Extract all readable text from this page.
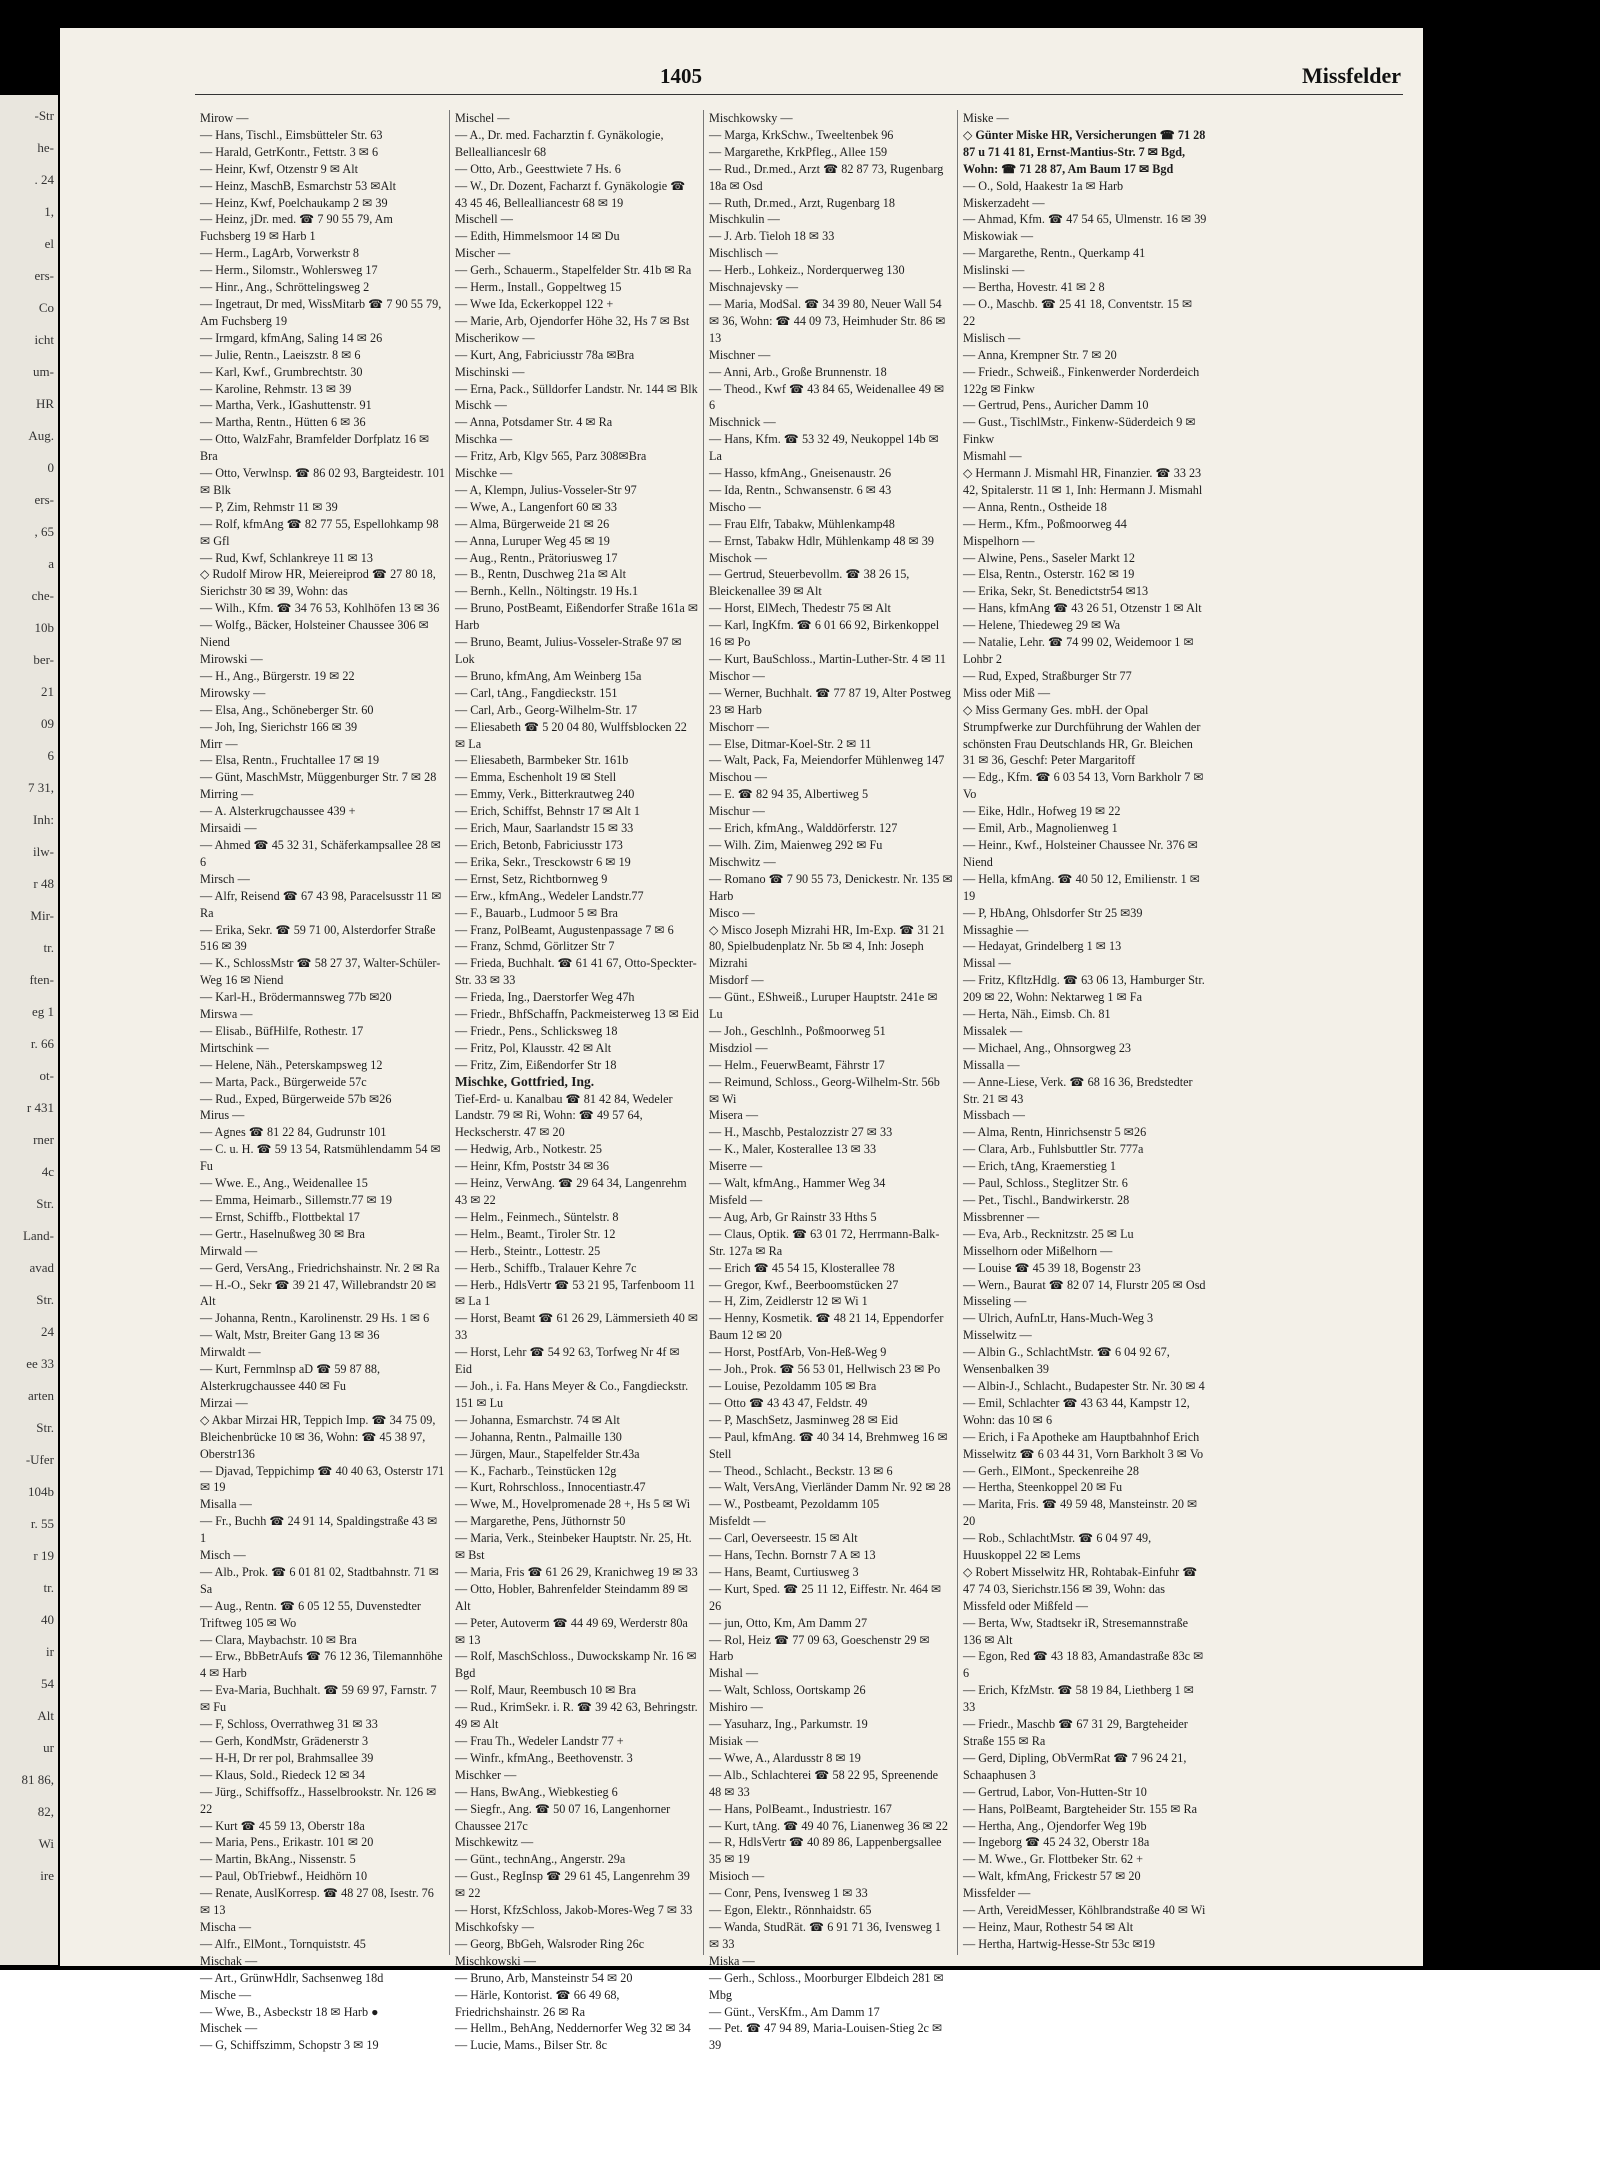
-Str
he-
. 24
1,
el
ers-
Co
icht
um-
HR
Aug.
0
ers-
, 65
a
che-
10b
ber-
21
09
6
7 31,
Inh:
ilw-
r 48
Mir-
tr.
ften-
eg 1
r. 66
ot-
r 431
rner
4c
Str.
Land-
avad
Str.
24
ee 33
arten
Str.
-Ufer
104b
r. 55
r 19
tr.
40
ir
54
Alt
ur
81 86,
82,
Wi
ire
1405	Missfelder

Mirow —

— Hans, Tischl., Eimsbütteler Str. 63

— Harald, GetrKontr., Fettstr. 3 ✉ 6

— Heinr, Kwf, Otzenstr 9 ✉ Alt

— Heinz, MaschB, Esmarchstr 53 ✉Alt

— Heinz, Kwf, Poelchaukamp 2 ✉ 39

— Heinz, jDr. med. ☎ 7 90 55 79, Am Fuchsberg 19 ✉ Harb 1

— Herm., LagArb, Vorwerkstr 8

— Herm., Silomstr., Wohlersweg 17

— Hinr., Ang., Schröttelingsweg 2

— Ingetraut, Dr med, WissMitarb ☎ 7 90 55 79, Am Fuchsberg 19

— Irmgard, kfmAng, Saling 14 ✉ 26

— Julie, Rentn., Laeiszstr. 8 ✉ 6

— Karl, Kwf., Grumbrechtstr. 30

— Karoline, Rehmstr. 13 ✉ 39

— Martha, Verk., IGashuttenstr. 91

— Martha, Rentn., Hütten 6 ✉ 36

— Otto, WalzFahr, Bramfelder Dorfplatz 16 ✉ Bra

— Otto, Verwlnsp. ☎ 86 02 93, Bargteidestr. 101 ✉ Blk

— P, Zim, Rehmstr 11 ✉ 39

— Rolf, kfmAng ☎ 82 77 55, Espellohkamp 98 ✉ Gfl

— Rud, Kwf, Schlankreye 11 ✉ 13

◇ Rudolf Mirow HR, Meiereiprod ☎ 27 80 18, Sierichstr 30 ✉ 39, Wohn: das

— Wilh., Kfm. ☎ 34 76 53, Kohlhöfen 13 ✉ 36

— Wolfg., Bäcker, Holsteiner Chaussee 306 ✉ Niend

Mirowski —

— H., Ang., Bürgerstr. 19 ✉ 22

Mirowsky —

— Elsa, Ang., Schöneberger Str. 60

— Joh, Ing, Sierichstr 166 ✉ 39

Mirr —

— Elsa, Rentn., Fruchtallee 17 ✉ 19

— Günt, MaschMstr, Müggenburger Str. 7 ✉ 28

Mirring —

— A. Alsterkrugchaussee 439 +

Mirsaidi —

— Ahmed ☎ 45 32 31, Schäferkampsallee 28 ✉ 6

Mirsch —

— Alfr, Reisend ☎ 67 43 98, Paracelsusstr 11 ✉ Ra

— Erika, Sekr. ☎ 59 71 00, Alsterdorfer Straße 516 ✉ 39

— K., SchlossMstr ☎ 58 27 37, Walter-Schüler-Weg 16 ✉ Niend

— Karl-H., Brödermannsweg 77b ✉20

Mirswa —

— Elisab., BüfHilfe, Rothestr. 17

Mirtschink —

— Helene, Näh., Peterskampsweg 12

— Marta, Pack., Bürgerweide 57c

— Rud., Exped, Bürgerweide 57b ✉26

Mirus —

— Agnes ☎ 81 22 84, Gudrunstr 101

— C. u. H. ☎ 59 13 54, Ratsmühlendamm 54 ✉ Fu

— Wwe. E., Ang., Weidenallee 15

— Emma, Heimarb., Sillemstr.77 ✉ 19

— Ernst, Schiffb., Flottbektal 17

— Gertr., Haselnußweg 30 ✉ Bra

Mirwald —

— Gerd, VersAng., Friedrichshainstr. Nr. 2 ✉ Ra

— H.-O., Sekr ☎ 39 21 47, Willebrandstr 20 ✉ Alt

— Johanna, Rentn., Karolinenstr. 29 Hs. 1 ✉ 6

— Walt, Mstr, Breiter Gang 13 ✉ 36

Mirwaldt —

— Kurt, Fernmlnsp aD ☎ 59 87 88, Alsterkrugchaussee 440 ✉ Fu

Mirzai —

◇ Akbar Mirzai HR, Teppich Imp. ☎ 34 75 09, Bleichenbrücke 10 ✉ 36, Wohn: ☎ 45 38 97, Oberstr136

— Djavad, Teppichimp ☎ 40 40 63, Osterstr 171 ✉ 19

Misalla —

— Fr., Buchh ☎ 24 91 14, Spaldingstraße 43 ✉ 1

Misch —

— Alb., Prok. ☎ 6 01 81 02, Stadtbahnstr. 71 ✉ Sa

— Aug., Rentn. ☎ 6 05 12 55, Duvenstedter Triftweg 105 ✉ Wo

— Clara, Maybachstr. 10 ✉ Bra

— Erw., BbBetrAufs ☎ 76 12 36, Tilemannhöhe 4 ✉ Harb

— Eva-Maria, Buchhalt. ☎ 59 69 97, Farnstr. 7 ✉ Fu

— F, Schloss, Overrathweg 31 ✉ 33

— Gerh, KondMstr, Grädenerstr 3

— H-H, Dr rer pol, Brahmsallee 39

— Klaus, Sold., Riedeck 12 ✉ 34

— Jürg., Schiffsoffz., Hasselbrookstr. Nr. 126 ✉ 22

— Kurt ☎ 45 59 13, Oberstr 18a

— Maria, Pens., Erikastr. 101 ✉ 20

— Martin, BkAng., Nissenstr. 5

— Paul, ObTriebwf., Heidhörn 10

— Renate, AuslKorresp. ☎ 48 27 08, Isestr. 76 ✉ 13

Mischa —

— Alfr., ElMont., Tornquiststr. 45

Mischak —

— Art., GrünwHdlr, Sachsenweg 18d

Mische —

— Wwe, B., Asbeckstr 18 ✉ Harb ●

Mischek —

— G, Schiffszimm, Schopstr 3 ✉ 19

Mischel —

— A., Dr. med. Facharztin f. Gynäkologie, Belleallianceslr 68

— Otto, Arb., Geesttwiete 7 Hs. 6

— W., Dr. Dozent, Facharzt f. Gynäkologie ☎ 43 45 46, Bellealliancestr 68 ✉ 19

Mischell —

— Edith, Himmelsmoor 14 ✉ Du

Mischer —

— Gerh., Schauerm., Stapelfelder Str. 41b ✉ Ra

— Herm., Install., Goppeltweg 15

— Wwe Ida, Eckerkoppel 122 +

— Marie, Arb, Ojendorfer Höhe 32, Hs 7 ✉ Bst

Mischerikow —

— Kurt, Ang, Fabriciusstr 78a ✉Bra

Mischinski —

— Erna, Pack., Sülldorfer Landstr. Nr. 144 ✉ Blk

Mischk —

— Anna, Potsdamer Str. 4 ✉ Ra

Mischka —

— Fritz, Arb, Klgv 565, Parz 308✉Bra

Mischke —

— A, Klempn, Julius-Vosseler-Str 97

— Wwe, A., Langenfort 60 ✉ 33

— Alma, Bürgerweide 21 ✉ 26

— Anna, Luruper Weg 45 ✉ 19

— Aug., Rentn., Prätoriusweg 17

— B., Rentn, Duschweg 21a ✉ Alt

— Bernh., Kelln., Nöltingstr. 19 Hs.1

— Bruno, PostBeamt, Eißendorfer Straße 161a ✉ Harb

— Bruno, Beamt, Julius-Vosseler-Straße 97 ✉ Lok

— Bruno, kfmAng, Am Weinberg 15a

— Carl, tAng., Fangdieckstr. 151

— Carl, Arb., Georg-Wilhelm-Str. 17

— Eliesabeth ☎ 5 20 04 80, Wulffsblocken 22 ✉ La

— Eliesabeth, Barmbeker Str. 161b

— Emma, Eschenholt 19 ✉ Stell

— Emmy, Verk., Bitterkrautweg 240

— Erich, Schiffst, Behnstr 17 ✉ Alt 1

— Erich, Maur, Saarlandstr 15 ✉ 33

— Erich, Betonb, Fabriciusstr 173

— Erika, Sekr., Tresckowstr 6 ✉ 19

— Ernst, Setz, Richtbornweg 9

— Erw., kfmAng., Wedeler Landstr.77

— F., Bauarb., Ludmoor 5 ✉ Bra

— Franz, PolBeamt, Augustenpassage 7 ✉ 6

— Franz, Schmd, Görlitzer Str 7

— Frieda, Buchhalt. ☎ 61 41 67, Otto-Speckter-Str. 33 ✉ 33

— Frieda, Ing., Daerstorfer Weg 47h

— Friedr., BhfSchaffn, Packmeisterweg 13 ✉ Eid

— Friedr., Pens., Schlicksweg 18

— Fritz, Pol, Klausstr. 42 ✉ Alt

— Fritz, Zim, Eißendorfer Str 18

Mischke, Gottfried, Ing.

Tief-Erd- u. Kanalbau ☎ 81 42 84, Wedeler Landstr. 79 ✉ Ri, Wohn: ☎ 49 57 64, Heckscherstr. 47 ✉ 20

— Hedwig, Arb., Notkestr. 25

— Heinr, Kfm, Poststr 34 ✉ 36

— Heinz, VerwAng. ☎ 29 64 34, Langenrehm 43 ✉ 22

— Helm., Feinmech., Süntelstr. 8

— Helm., Beamt., Tiroler Str. 12

— Herb., Steintr., Lottestr. 25

— Herb., Schiffb., Tralauer Kehre 7c

— Herb., HdlsVertr ☎ 53 21 95, Tarfenboom 11 ✉ La 1

— Horst, Beamt ☎ 61 26 29, Lämmersieth 40 ✉ 33

— Horst, Lehr ☎ 54 92 63, Torfweg Nr 4f ✉ Eid

— Joh., i. Fa. Hans Meyer & Co., Fangdieckstr. 151 ✉ Lu

— Johanna, Esmarchstr. 74 ✉ Alt

— Johanna, Rentn., Palmaille 130

— Jürgen, Maur., Stapelfelder Str.43a

— K., Facharb., Teinstücken 12g

— Kurt, Rohrschloss., Innocentiastr.47

— Wwe, M., Hovelpromenade 28 +, Hs 5 ✉ Wi

— Margarethe, Pens, Jüthornstr 50

— Maria, Verk., Steinbeker Hauptstr. Nr. 25, Ht. ✉ Bst

— Maria, Fris ☎ 61 26 29, Kranichweg 19 ✉ 33

— Otto, Hobler, Bahrenfelder Steindamm 89 ✉ Alt

— Peter, Autoverm ☎ 44 49 69, Werderstr 80a ✉ 13

— Rolf, MaschSchloss., Duwockskamp Nr. 16 ✉ Bgd

— Rolf, Maur, Reembusch 10 ✉ Bra

— Rud., KrimSekr. i. R. ☎ 39 42 63, Behringstr. 49 ✉ Alt

— Frau Th., Wedeler Landstr 77 +

— Winfr., kfmAng., Beethovenstr. 3

Mischker —

— Hans, BwAng., Wiebkestieg 6

— Siegfr., Ang. ☎ 50 07 16, Langenhorner Chaussee 217c

Mischkewitz —

— Günt., technAng., Angerstr. 29a

— Gust., RegInsp ☎ 29 61 45, Langenrehm 39 ✉ 22

— Horst, KfzSchloss, Jakob-Mores-Weg 7 ✉ 33

Mischkofsky —

— Georg, BbGeh, Walsroder Ring 26c

Mischkowski —

— Bruno, Arb, Mansteinstr 54 ✉ 20

— Härle, Kontorist. ☎ 66 49 68, Friedrichshainstr. 26 ✉ Ra

— Hellm., BehAng, Neddernorfer Weg 32 ✉ 34

— Lucie, Mams., Bilser Str. 8c

Mischkowsky —

— Marga, KrkSchw., Tweeltenbek 96

— Margarethe, KrkPfleg., Allee 159

— Rud., Dr.med., Arzt ☎ 82 87 73, Rugenbarg 18a ✉ Osd

— Ruth, Dr.med., Arzt, Rugenbarg 18

Mischkulin —

— J. Arb. Tieloh 18 ✉ 33

Mischlisch —

— Herb., Lohkeiz., Norderquerweg 130

Mischnajevsky —

— Maria, ModSal. ☎ 34 39 80, Neuer Wall 54 ✉ 36, Wohn: ☎ 44 09 73, Heimhuder Str. 86 ✉ 13

Mischner —

— Anni, Arb., Große Brunnenstr. 18

— Theod., Kwf ☎ 43 84 65, Weidenallee 49 ✉ 6

Mischnick —

— Hans, Kfm. ☎ 53 32 49, Neukoppel 14b ✉ La

— Hasso, kfmAng., Gneisenaustr. 26

— Ida, Rentn., Schwansenstr. 6 ✉ 43

Mischo —

— Frau Elfr, Tabakw, Mühlenkamp48

— Ernst, Tabakw Hdlr, Mühlenkamp 48 ✉ 39

Mischok —

— Gertrud, Steuerbevollm. ☎ 38 26 15, Bleickenallee 39 ✉ Alt

— Horst, ElMech, Thedestr 75 ✉ Alt

— Karl, IngKfm. ☎ 6 01 66 92, Birkenkoppel 16 ✉ Po

— Kurt, BauSchloss., Martin-Luther-Str. 4 ✉ 11

Mischor —

— Werner, Buchhalt. ☎ 77 87 19, Alter Postweg 23 ✉ Harb

Mischorr —

— Else, Ditmar-Koel-Str. 2 ✉ 11

— Walt, Pack, Fa, Meiendorfer Mühlenweg 147

Mischou —

— E. ☎ 82 94 35, Albertiweg 5

Mischur —

— Erich, kfmAng., Walddörferstr. 127

— Wilh. Zim, Maienweg 292 ✉ Fu

Mischwitz —

— Romano ☎ 7 90 55 73, Denickestr. Nr. 135 ✉ Harb

Misco —

◇ Misco Joseph Mizrahi HR, Im-Exp. ☎ 31 21 80, Spielbudenplatz Nr. 5b ✉ 4, Inh: Joseph Mizrahi

Misdorf —

— Günt., EShweiß., Luruper Hauptstr. 241e ✉ Lu

— Joh., Geschlnh., Poßmoorweg 51

Misdziol —

— Helm., FeuerwBeamt, Fährstr 17

— Reimund, Schloss., Georg-Wilhelm-Str. 56b ✉ Wi

Misera —

— H., Maschb, Pestalozzistr 27 ✉ 33

— K., Maler, Kosterallee 13 ✉ 33

Miserre —

— Walt, kfmAng., Hammer Weg 34

Misfeld —

— Aug, Arb, Gr Rainstr 33 Hths 5

— Claus, Optik. ☎ 63 01 72, Herrmann-Balk-Str. 127a ✉ Ra

— Erich ☎ 45 54 15, Klosterallee 78

— Gregor, Kwf., Beerboomstücken 27

— H, Zim, Zeidlerstr 12 ✉ Wi 1

— Henny, Kosmetik. ☎ 48 21 14, Eppendorfer Baum 12 ✉ 20

— Horst, PostfArb, Von-Heß-Weg 9

— Joh., Prok. ☎ 56 53 01, Hellwisch 23 ✉ Po

— Louise, Pezoldamm 105 ✉ Bra

— Otto ☎ 43 43 47, Feldstr. 49

— P, MaschSetz, Jasminweg 28 ✉ Eid

— Paul, kfmAng. ☎ 40 34 14, Brehmweg 16 ✉ Stell

— Theod., Schlacht., Beckstr. 13 ✉ 6

— Walt, VersAng, Vierländer Damm Nr. 92 ✉ 28

— W., Postbeamt, Pezoldamm 105

Misfeldt —

— Carl, Oeverseestr. 15 ✉ Alt

— Hans, Techn. Bornstr 7 A ✉ 13

— Hans, Beamt, Curtiusweg 3

— Kurt, Sped. ☎ 25 11 12, Eiffestr. Nr. 464 ✉ 26

— jun, Otto, Km, Am Damm 27

— Rol, Heiz ☎ 77 09 63, Goeschenstr 29 ✉ Harb

Mishal —

— Walt, Schloss, Oortskamp 26

Mishiro —

— Yasuharz, Ing., Parkumstr. 19

Misiak —

— Wwe, A., Alardusstr 8 ✉ 19

— Alb., Schlachterei ☎ 58 22 95, Spreenende 48 ✉ 33

— Hans, PolBeamt., Industriestr. 167

— Kurt, tAng. ☎ 49 40 76, Lianenweg 36 ✉ 22

— R, HdlsVertr ☎ 40 89 86, Lappenbergsallee 35 ✉ 19

Misioch —

— Conr, Pens, Ivensweg 1 ✉ 33

— Egon, Elektr., Rönnhaidstr. 65

— Wanda, StudRät. ☎ 6 91 71 36, Ivensweg 1 ✉ 33

Miska —

— Gerh., Schloss., Moorburger Elbdeich 281 ✉ Mbg

— Günt., VersKfm., Am Damm 17

— Pet. ☎ 47 94 89, Maria-Louisen-Stieg 2c ✉ 39

Miske —

◇ Günter Miske HR, Versicherungen ☎ 71 28 87 u 71 41 81, Ernst-Mantius-Str. 7 ✉ Bgd, Wohn: ☎ 71 28 87, Am Baum 17 ✉ Bgd

— O., Sold, Haakestr 1a ✉ Harb

Miskerzadeht —

— Ahmad, Kfm. ☎ 47 54 65, Ulmenstr. 16 ✉ 39

Miskowiak —

— Margarethe, Rentn., Querkamp 41

Mislinski —

— Bertha, Hovestr. 41 ✉ 2 8

— O., Maschb. ☎ 25 41 18, Conventstr. 15 ✉ 22

Mislisch —

— Anna, Krempner Str. 7 ✉ 20

— Friedr., Schweiß., Finkenwerder Norderdeich 122g ✉ Finkw

— Gertrud, Pens., Auricher Damm 10

— Gust., TischlMstr., Finkenw-Süderdeich 9 ✉ Finkw

Mismahl —

◇ Hermann J. Mismahl HR, Finanzier. ☎ 33 23 42, Spitalerstr. 11 ✉ 1, Inh: Hermann J. Mismahl

— Anna, Rentn., Ostheide 18

— Herm., Kfm., Poßmoorweg 44

Mispelhorn —

— Alwine, Pens., Saseler Markt 12

— Elsa, Rentn., Osterstr. 162 ✉ 19

— Erika, Sekr, St. Benedictstr54 ✉13

— Hans, kfmAng ☎ 43 26 51, Otzenstr 1 ✉ Alt

— Helene, Thiedeweg 29 ✉ Wa

— Natalie, Lehr. ☎ 74 99 02, Weidemoor 1 ✉ Lohbr 2

— Rud, Exped, Straßburger Str 77

Miss oder Miß —

◇ Miss Germany Ges. mbH. der Opal Strumpfwerke zur Durchführung der Wahlen der schönsten Frau Deutschlands HR, Gr. Bleichen 31 ✉ 36, Geschf: Peter Margaritoff

— Edg., Kfm. ☎ 6 03 54 13, Vorn Barkholr 7 ✉ Vo

— Eike, Hdlr., Hofweg 19 ✉ 22

— Emil, Arb., Magnolienweg 1

— Heinr., Kwf., Holsteiner Chaussee Nr. 376 ✉ Niend

— Hella, kfmAng. ☎ 40 50 12, Emilienstr. 1 ✉ 19

— P, HbAng, Ohlsdorfer Str 25 ✉39

Missaghie —

— Hedayat, Grindelberg 1 ✉ 13

Missal —

— Fritz, KfltzHdlg. ☎ 63 06 13, Hamburger Str. 209 ✉ 22, Wohn: Nektarweg 1 ✉ Fa

— Herta, Näh., Eimsb. Ch. 81

Missalek —

— Michael, Ang., Ohnsorgweg 23

Missalla —

— Anne-Liese, Verk. ☎ 68 16 36, Bredstedter Str. 21 ✉ 43

Missbach —

— Alma, Rentn, Hinrichsenstr 5 ✉26

— Clara, Arb., Fuhlsbuttler Str. 777a

— Erich, tAng, Kraemerstieg 1

— Paul, Schloss., Steglitzer Str. 6

— Pet., Tischl., Bandwirkerstr. 28

Missbrenner —

— Eva, Arb., Recknitzstr. 25 ✉ Lu

Misselhorn oder Mißelhorn —

— Louise ☎ 45 39 18, Bogenstr 23

— Wern., Baurat ☎ 82 07 14, Flurstr 205 ✉ Osd

Misseling —

— Ulrich, AufnLtr, Hans-Much-Weg 3

Misselwitz —

— Albin G., SchlachtMstr. ☎ 6 04 92 67, Wensenbalken 39

— Albin-J., Schlacht., Budapester Str. Nr. 30 ✉ 4

— Emil, Schlachter ☎ 43 63 44, Kampstr 12, Wohn: das 10 ✉ 6

— Erich, i Fa Apotheke am Hauptbahnhof Erich Misselwitz ☎ 6 03 44 31, Vorn Barkholt 3 ✉ Vo

— Gerh., ElMont., Speckenreihe 28

— Hertha, Steenkoppel 20 ✉ Fu

— Marita, Fris. ☎ 49 59 48, Mansteinstr. 20 ✉ 20

— Rob., SchlachtMstr. ☎ 6 04 97 49, Huuskoppel 22 ✉ Lems

◇ Robert Misselwitz HR, Rohtabak-Einfuhr ☎ 47 74 03, Sierichstr.156 ✉ 39, Wohn: das

Missfeld oder Mißfeld —

— Berta, Ww, Stadtsekr iR, Stresemannstraße 136 ✉ Alt

— Egon, Red ☎ 43 18 83, Amandastraße 83c ✉ 6

— Erich, KfzMstr. ☎ 58 19 84, Liethberg 1 ✉ 33

— Friedr., Maschb ☎ 67 31 29, Bargteheider Straße 155 ✉ Ra

— Gerd, Dipling, ObVermRat ☎ 7 96 24 21, Schaaphusen 3

— Gertrud, Labor, Von-Hutten-Str 10

— Hans, PolBeamt, Bargteheider Str. 155 ✉ Ra

— Hertha, Ang., Ojendorfer Weg 19b

— Ingeborg ☎ 45 24 32, Oberstr 18a

— M. Wwe., Gr. Flottbeker Str. 62 +

— Walt, kfmAng, Frickestr 57 ✉ 20

Missfelder —

— Arth, VereidMesser, Köhlbrandstraße 40 ✉ Wi

— Heinz, Maur, Rothestr 54 ✉ Alt

— Hertha, Hartwig-Hesse-Str 53c ✉19
